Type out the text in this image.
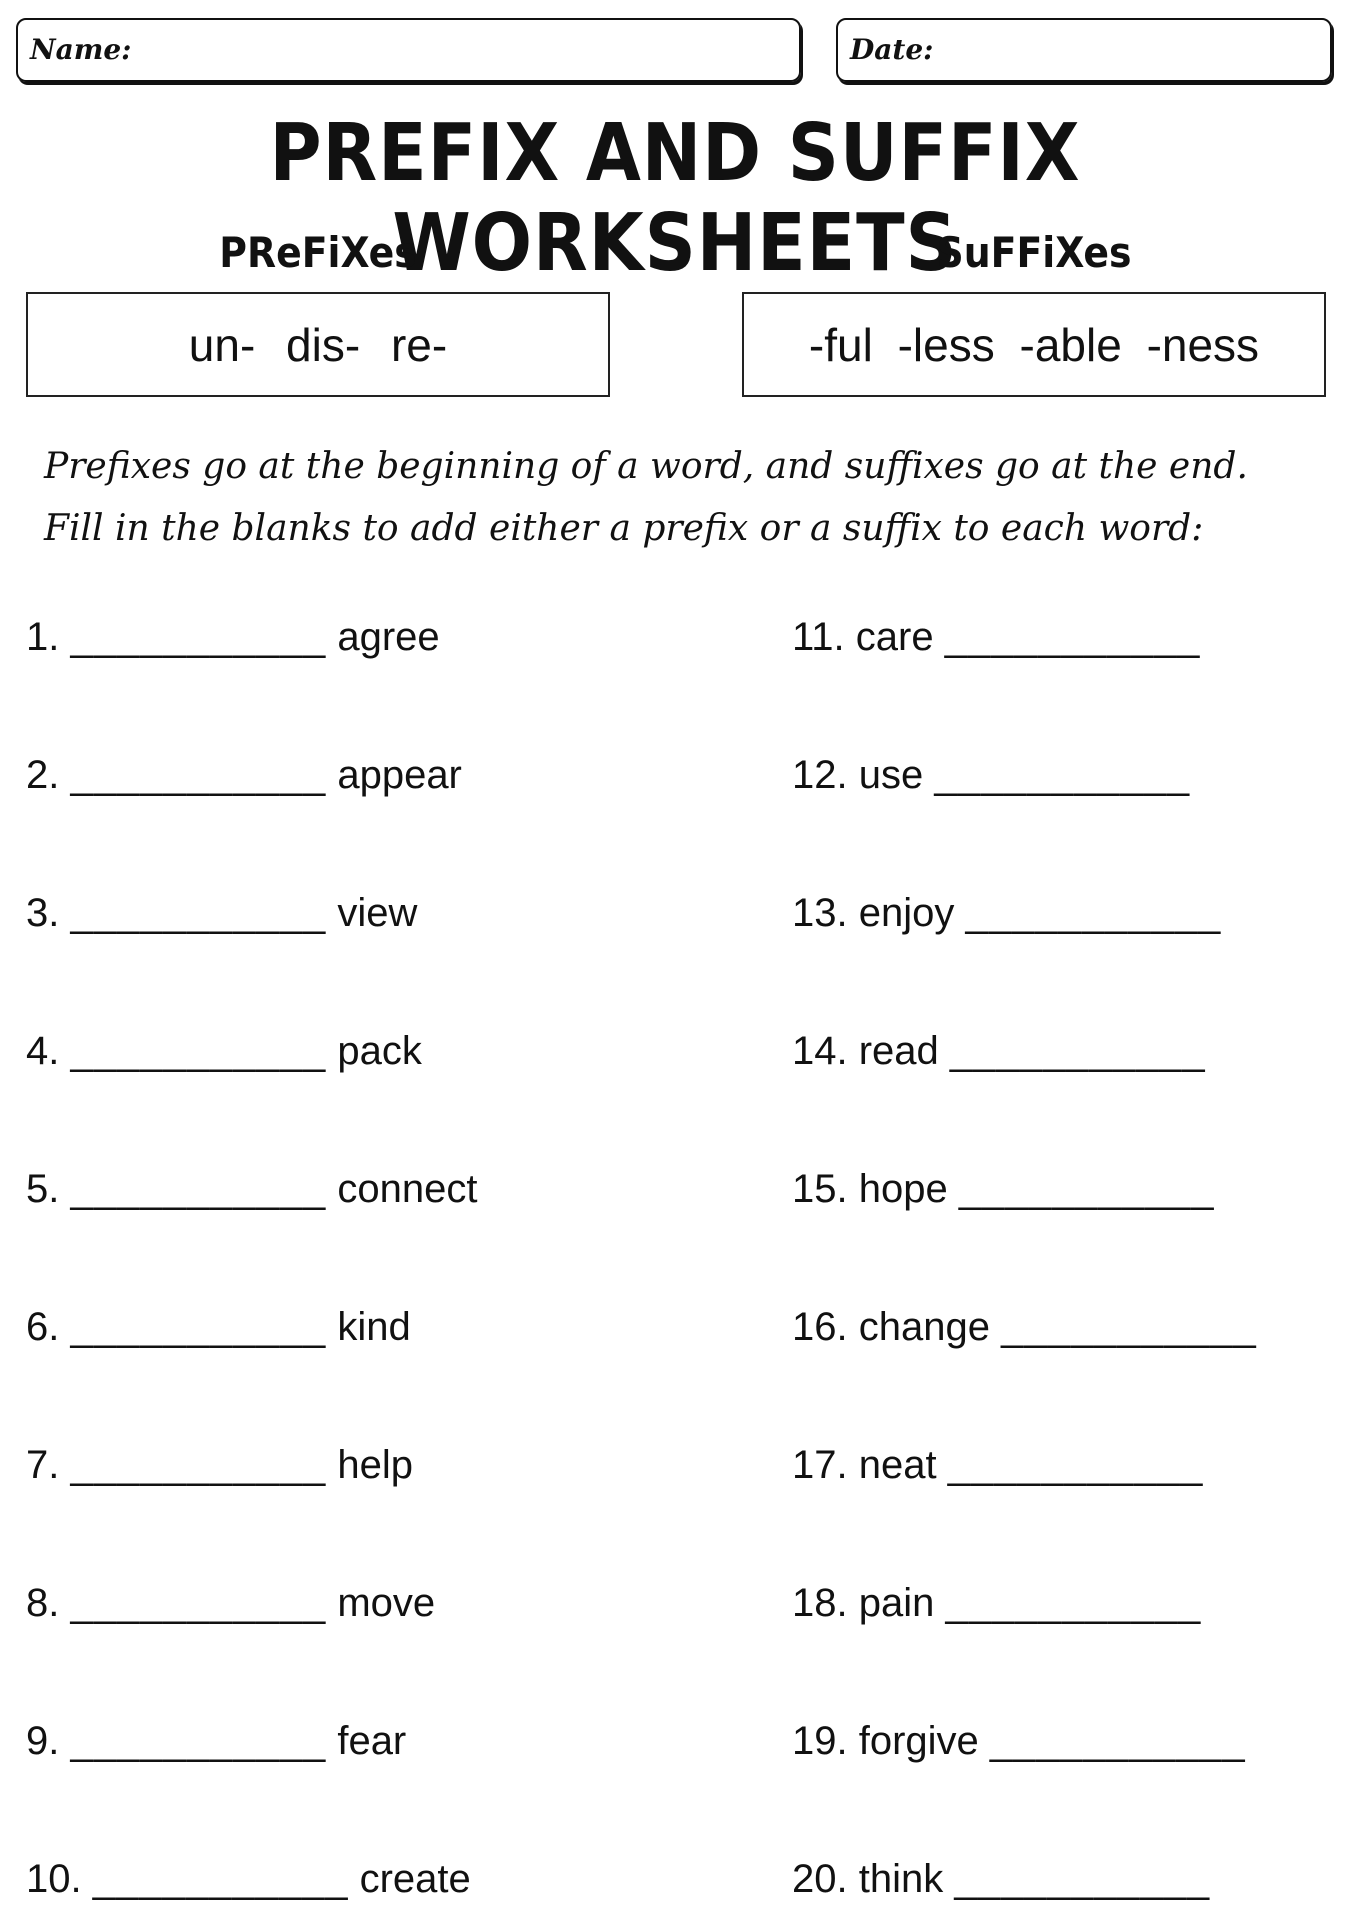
Name:	Date:
PREFIX AND SUFFIX WORKSHEETS
PReFiXes	SuFFiXes
un- dis- re-	-ful -less -able -ness

Prefixes go at the beginning of a word, and suffixes go at the end.
Fill in the blanks to add either a prefix or a suffix to each word:

1. ___________ agree
2. ___________ appear
3. ___________ view
4. ___________ pack
5. ___________ connect
6. ___________ kind
7. ___________ help
8. ___________ move
9. ___________ fear
10. ___________ create
11. care ___________
12. use ___________
13. enjoy ___________
14. read ___________
15. hope ___________
16. change ___________
17. neat ___________
18. pain ___________
19. forgive ___________
20. think ___________
